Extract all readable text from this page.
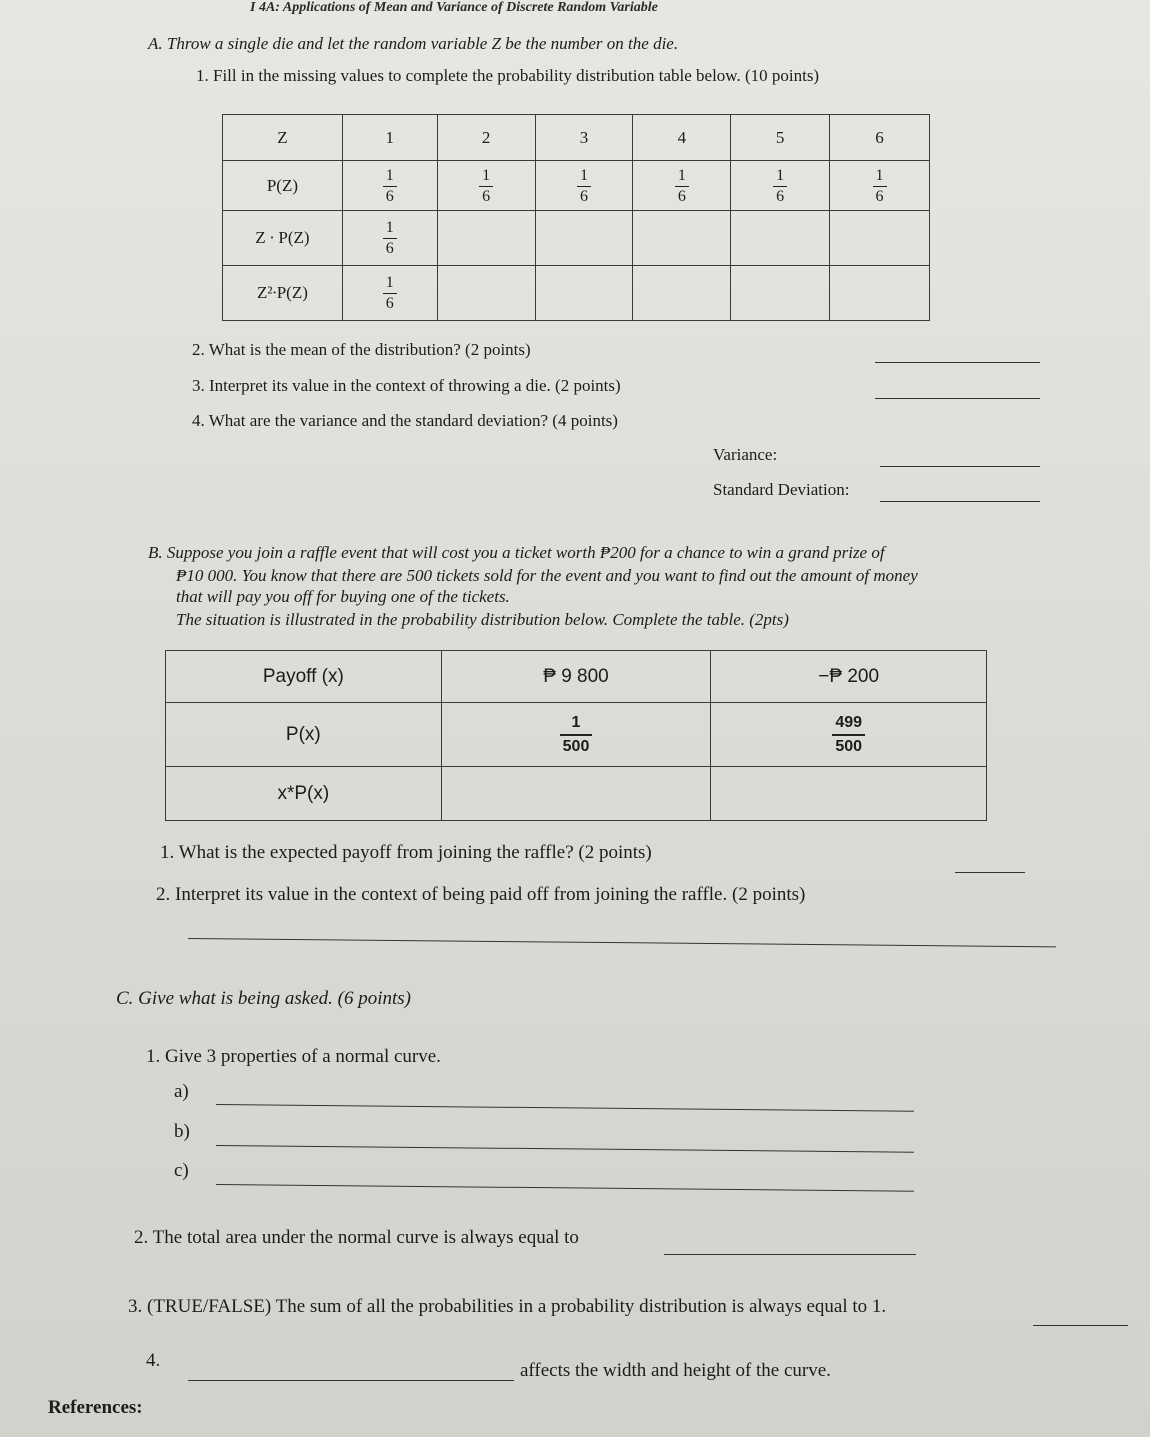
I 4A: Applications of Mean and Variance of Discrete Random Variable
A. Throw a single die and let the random variable Z be the number on the die.
1. Fill in the missing values to complete the probability distribution table below. (10 points)
Z	1	2	3	4	5	6
P(Z)	$\frac{1}{6}$	$\frac{1}{6}$	$\frac{1}{6}$	$\frac{1}{6}$	$\frac{1}{6}$	$\frac{1}{6}$

Z ∙ P(Z)	$\frac{1}{6}$

Z²∙P(Z)	$\frac{1}{6}$

2. What is the mean of the distribution? (2 points)
3. Interpret its value in the context of throwing a die. (2 points)
4. What are the variance and the standard deviation? (4 points)
Variance:
Standard Deviation:
B. Suppose you join a raffle event that will cost you a ticket worth ₱200 for a chance to win a grand prize of
₱10 000. You know that there are 500 tickets sold for the event and you want to find out the amount of money
that will pay you off for buying one of the tickets.
The situation is illustrated in the probability distribution below. Complete the table. (2pts)
Payoff (x)	₱ 9 800	−₱ 200
P(x)	$\frac{1}{500}$	$\frac{499}{500}$

x*P(x)		
1. What is the expected payoff from joining the raffle? (2 points)
2. Interpret its value in the context of being paid off from joining the raffle. (2 points)
C. Give what is being asked. (6 points)
1. Give 3 properties of a normal curve.
a)
b)
c)
2. The total area under the normal curve is always equal to
3. (TRUE/FALSE) The sum of all the probabilities in a probability distribution is always equal to 1.
4.	affects the width and height of the curve.
References:
